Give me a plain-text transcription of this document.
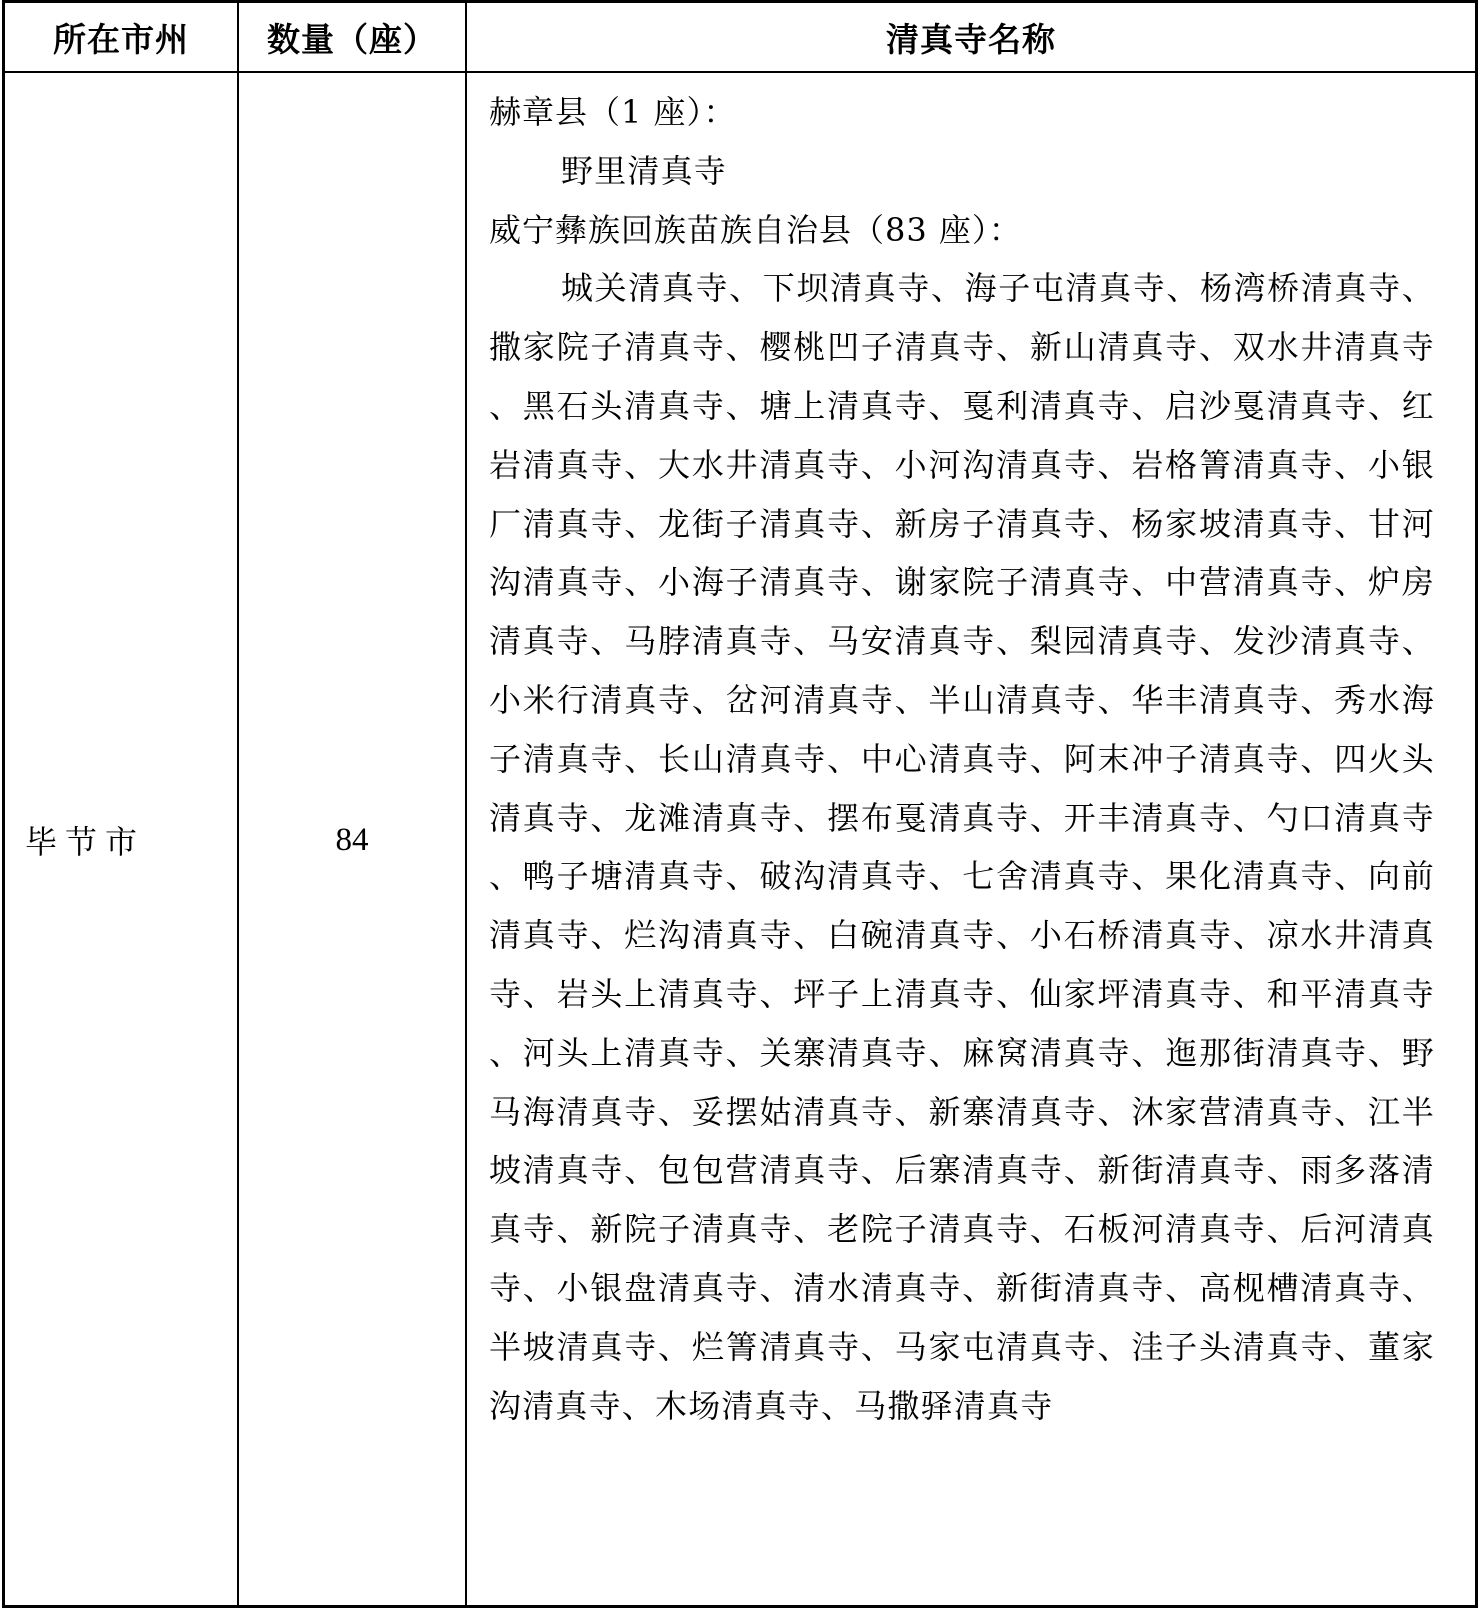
所在市州	数量（座）	清真寺名称
毕节市	84
赫章县（1 座）：
野里清真寺
威宁彝族回族苗族自治县（83 座）：
城关清真寺、下坝清真寺、海子屯清真寺、杨湾桥清真寺、撒家院子清真寺、樱桃凹子清真寺、新山清真寺、双水井清真寺、黑石头清真寺、塘上清真寺、戛利清真寺、启沙戛清真寺、红岩清真寺、大水井清真寺、小河沟清真寺、岩格箐清真寺、小银厂清真寺、龙街子清真寺、新房子清真寺、杨家坡清真寺、甘河沟清真寺、小海子清真寺、谢家院子清真寺、中营清真寺、炉房清真寺、马脖清真寺、马安清真寺、梨园清真寺、发沙清真寺、小米行清真寺、岔河清真寺、半山清真寺、华丰清真寺、秀水海子清真寺、长山清真寺、中心清真寺、阿末冲子清真寺、四火头清真寺、龙滩清真寺、摆布戛清真寺、开丰清真寺、勺口清真寺、鸭子塘清真寺、破沟清真寺、七舍清真寺、果化清真寺、向前清真寺、烂沟清真寺、白碗清真寺、小石桥清真寺、凉水井清真寺、岩头上清真寺、坪子上清真寺、仙家坪清真寺、和平清真寺、河头上清真寺、关寨清真寺、麻窝清真寺、迤那街清真寺、野马海清真寺、妥摆姑清真寺、新寨清真寺、沐家营清真寺、江半坡清真寺、包包营清真寺、后寨清真寺、新街清真寺、雨多落清真寺、新院子清真寺、老院子清真寺、石板河清真寺、后河清真寺、小银盘清真寺、清水清真寺、新街清真寺、高枧槽清真寺、半坡清真寺、烂箐清真寺、马家屯清真寺、洼子头清真寺、董家沟清真寺、木场清真寺、马撒驿清真寺
